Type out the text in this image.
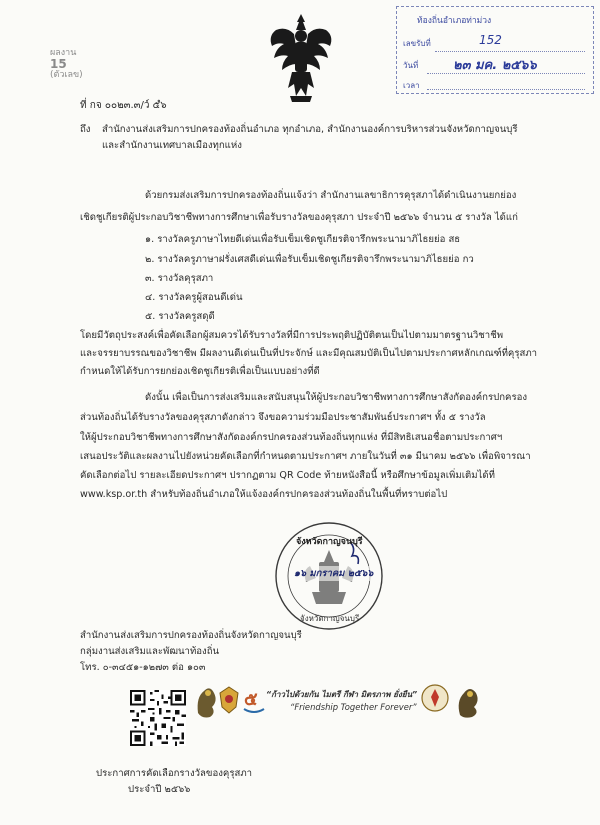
ผลงาน
15
(ตัวเลข)
ท้องถิ่นอำเภอท่าม่วง
เลขรับที่	152
วันที่	๒๓ มค. ๒๕๖๖
เวลา
ที่ กจ ๐๐๒๓.๓/ว์ ๕ํ๖
ถึง สำนักงานส่งเสริมการปกครองท้องถิ่นอำเภอ ทุกอำเภอ, สำนักงานองค์การบริหารส่วนจังหวัดกาญจนบุรี
และสำนักงานเทศบาลเมืองทุกแห่ง
ด้วยกรมส่งเสริมการปกครองท้องถิ่นแจ้งว่า สำนักงานเลขาธิการคุรุสภาได้ดำเนินงานยกย่อง
เชิดชูเกียรติผู้ประกอบวิชาชีพทางการศึกษาเพื่อรับรางวัลของคุรุสภา ประจำปี ๒๕๖๖ จำนวน ๕ รางวัล ได้แก่
๑. รางวัลครูภาษาไทยดีเด่นเพื่อรับเข็มเชิดชูเกียรติจารึกพระนามาภิไธยย่อ สธ
๒. รางวัลครูภาษาฝรั่งเศสดีเด่นเพื่อรับเข็มเชิดชูเกียรติจารึกพระนามาภิไธยย่อ กว
๓. รางวัลคุรุสภา
๔. รางวัลครูผู้สอนดีเด่น
๕. รางวัลครูสดุดี
โดยมีวัตถุประสงค์เพื่อคัดเลือกผู้สมควรได้รับรางวัลที่มีการประพฤติปฏิบัติตนเป็นไปตามมาตรฐานวิชาชีพ
และจรรยาบรรณของวิชาชีพ มีผลงานดีเด่นเป็นที่ประจักษ์ และมีคุณสมบัติเป็นไปตามประกาศหลักเกณฑ์ที่คุรุสภา
กำหนดให้ได้รับการยกย่องเชิดชูเกียรติเพื่อเป็นแบบอย่างที่ดี
ดังนั้น เพื่อเป็นการส่งเสริมและสนับสนุนให้ผู้ประกอบวิชาชีพทางการศึกษาสังกัดองค์กรปกครอง
ส่วนท้องถิ่นได้รับรางวัลของคุรุสภาดังกล่าว จึงขอความร่วมมือประชาสัมพันธ์ประกาศฯ ทั้ง ๕ รางวัล
ให้ผู้ประกอบวิชาชีพทางการศึกษาสังกัดองค์กรปกครองส่วนท้องถิ่นทุกแห่ง ที่มีสิทธิเสนอชื่อตามประกาศฯ
เสนอประวัติและผลงานไปยังหน่วยคัดเลือกที่กำหนดตามประกาศฯ ภายในวันที่ ๓๑ มีนาคม ๒๕๖๖ เพื่อพิจารณา
คัดเลือกต่อไป รายละเอียดประกาศฯ ปรากฏตาม QR Code ท้ายหนังสือนี้ หรือศึกษาข้อมูลเพิ่มเติมได้ที่
www.ksp.or.th สำหรับท้องถิ่นอำเภอให้แจ้งองค์กรปกครองส่วนท้องถิ่นในพื้นที่ทราบต่อไป
จังหวัดกาญจนบุรี
๑๖ มกราคม ๒๕๖๖
จังหวัดกาญจนบุรี
สำนักงานส่งเสริมการปกครองท้องถิ่นจังหวัดกาญจนบุรี
กลุ่มงานส่งเสริมและพัฒนาท้องถิ่น
โทร. ๐-๓๔๕๑-๑๒๗๓ ต่อ ๑๐๓
๕ “ก้าวไปด้วยกัน ไมตรี กีฬา มิตรภาพ ยั่งยืน”
“Friendship Together Forever”
ประกาศการคัดเลือกรางวัลของคุรุสภา
ประจำปี ๒๕๖๖
